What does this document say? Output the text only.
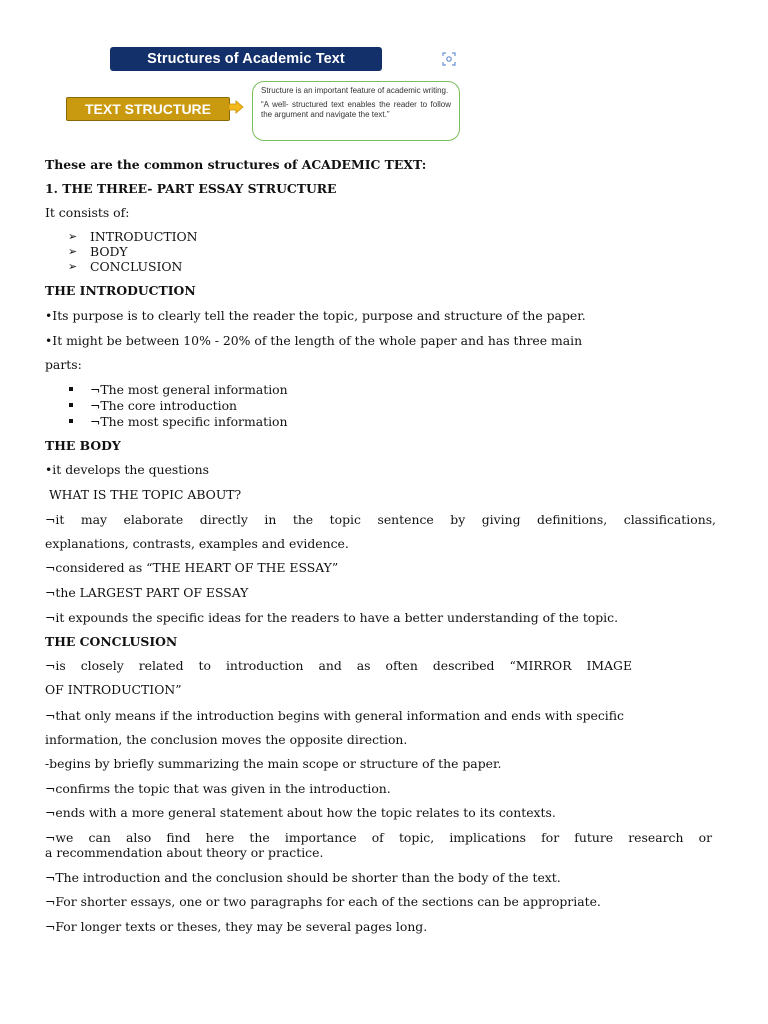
Structures of Academic Text
TEXT STRUCTURE

Structure is an important feature of academic writing.

“A well- structured text enables the reader to follow the argument and navigate the text.”

These are the common structures of ACADEMIC TEXT:
1. THE THREE- PART ESSAY STRUCTURE
It consists of:
➢ INTRODUCTION
➢ BODY
➢ CONCLUSION
THE INTRODUCTION
•Its purpose is to clearly tell the reader the topic, purpose and structure of the paper.
•It might be between 10% - 20% of the length of the whole paper and has three main
parts:
¬The most general information
¬The core introduction
¬The most specific information
THE BODY
•it develops the questions
WHAT IS THE TOPIC ABOUT?
¬it may elaborate directly in the topic sentence by giving definitions, classifications,
explanations, contrasts, examples and evidence.
¬considered as “THE HEART OF THE ESSAY”
¬the LARGEST PART OF ESSAY
¬it expounds the specific ideas for the readers to have a better understanding of the topic.
THE CONCLUSION
¬is closely related to introduction and as often described “MIRROR IMAGE
OF INTRODUCTION”
¬that only means if the introduction begins with general information and ends with specific
information, the conclusion moves the opposite direction.
-begins by briefly summarizing the main scope or structure of the paper.
¬confirms the topic that was given in the introduction.
¬ends with a more general statement about how the topic relates to its contexts.
¬we can also find here the importance of topic, implications for future research or
a recommendation about theory or practice.
¬The introduction and the conclusion should be shorter than the body of the text.
¬For shorter essays, one or two paragraphs for each of the sections can be appropriate.
¬For longer texts or theses, they may be several pages long.
